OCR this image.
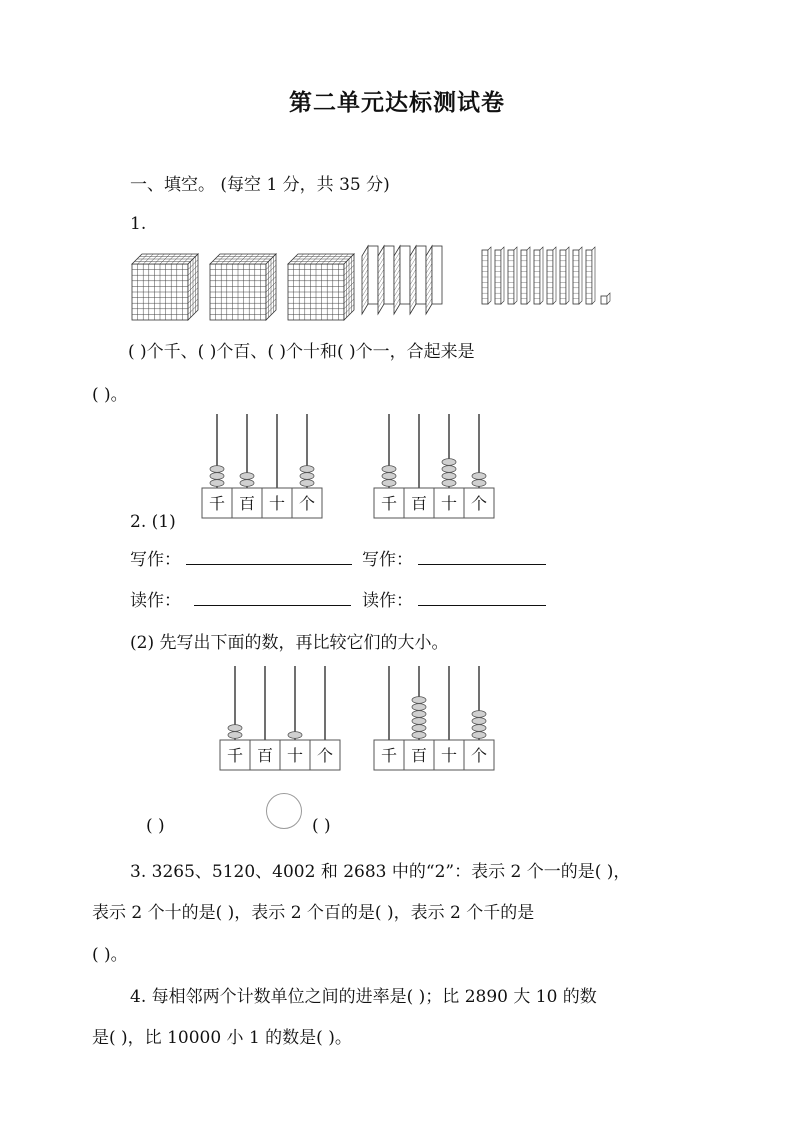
第二单元达标测试卷
一、填空。 (每空 1 分，共 35 分)
1.
( )个千、( )个百、( )个十和( )个一，合起来是
( )。
千 百 十 个	千 百 十 个
2. (1)
写作：	写作：
读作：	读作：
(2) 先写出下面的数，再比较它们的大小。
千 百 十 个	千 百 十 个
( )	( )
3. 3265、5120、4002 和 2683 中的“2”：表示 2 个一的是( )，
表示 2 个十的是( )，表示 2 个百的是( )，表示 2 个千的是
( )。
4. 每相邻两个计数单位之间的进率是( )；比 2890 大 10 的数
是( )，比 10000 小 1 的数是( )。
